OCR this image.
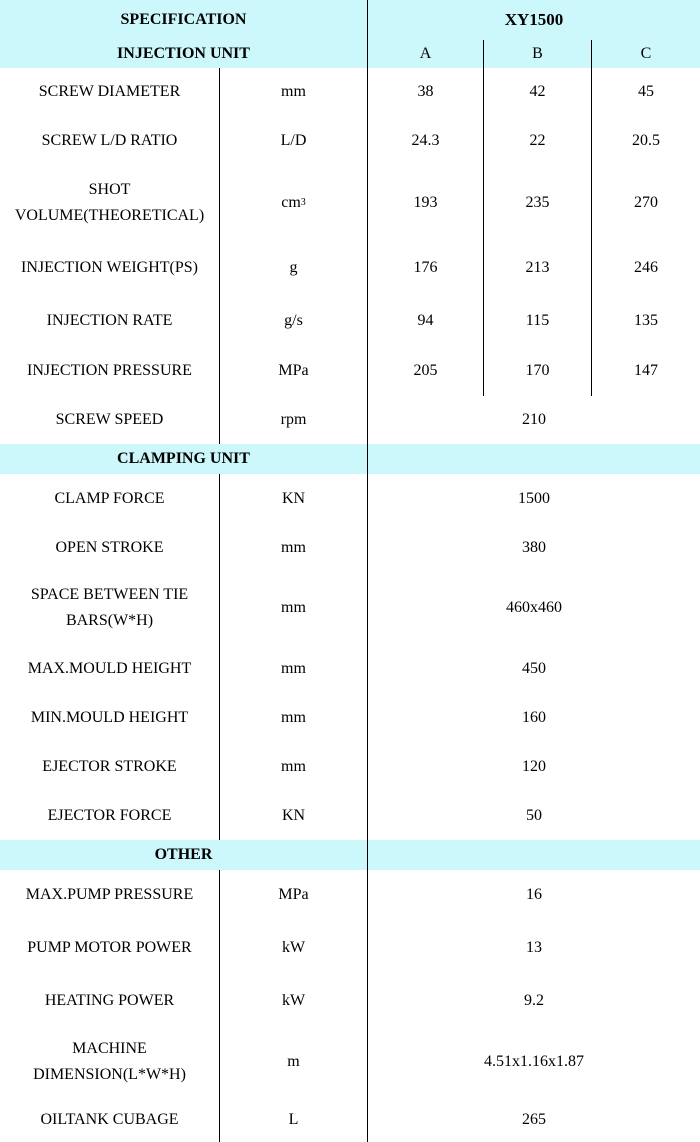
SPECIFICATION	XY1500
INJECTION UNIT	A	B	C
SCREW DIAMETER	mm	38	42	45
SCREW L/D RATIO	L/D	24.3	22	20.5
SHOT
VOLUME(THEORETICAL)
cm 3	193	235	270
INJECTION WEIGHT(PS)	g	176	213	246
INJECTION RATE	g/s	94	115	135
INJECTION PRESSURE	MPa	205	170	147
SCREW SPEED	rpm	210
CLAMPING UNIT
CLAMP FORCE	KN	1500
OPEN STROKE	mm	380
SPACE BETWEEN TIE
BARS(W*H)
mm	460x460
MAX.MOULD HEIGHT	mm	450
MIN.MOULD HEIGHT	mm	160
EJECTOR STROKE	mm	120
EJECTOR FORCE	KN	50
OTHER
MAX.PUMP PRESSURE	MPa	16
PUMP MOTOR POWER	kW	13
HEATING POWER	kW	9.2
MACHINE
DIMENSION(L*W*H)
m	4.51x1.16x1.87
OILTANK CUBAGE	L	265
